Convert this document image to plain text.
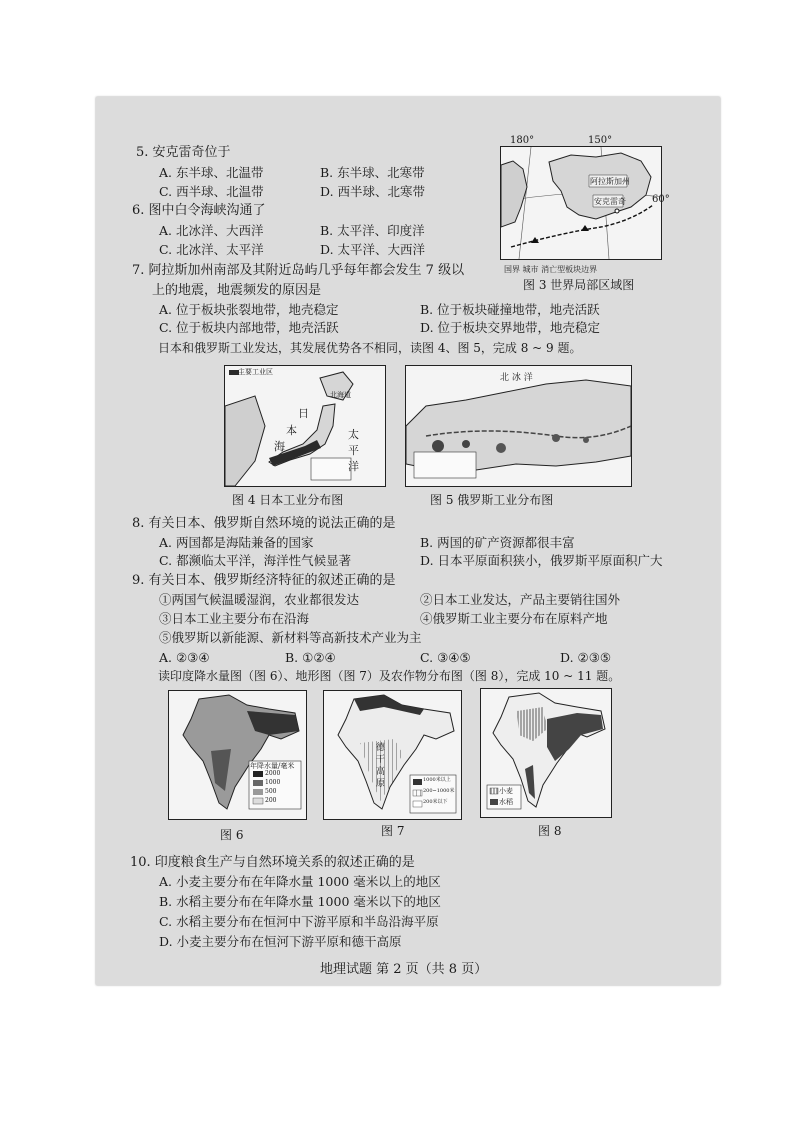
5. 安克雷奇位于
A. 东半球、北温带	B. 东半球、北寒带
C. 西半球、北温带	D. 西半球、北寒带
6. 图中白令海峡沟通了
A. 北冰洋、大西洋	B. 太平洋、印度洋
C. 北冰洋、太平洋	D. 太平洋、大西洋
7. 阿拉斯加州南部及其附近岛屿几乎每年都会发生 7 级以
上的地震，地震频发的原因是
A. 位于板块张裂地带，地壳稳定	B. 位于板块碰撞地带，地壳活跃
C. 位于板块内部地带，地壳活跃	D. 位于板块交界地带，地壳稳定
180°	150°
60°
阿拉斯加州
安克雷奇
国界 城市 消亡型板块边界
图 3 世界局部区域图
日本和俄罗斯工业发达，其发展优势各不相同，读图 4、图 5，完成 8 ~ 9 题。
主要工业区
北海道
日
本
海
太
平
洋
图 4 日本工业分布图
北 冰 洋
图 5 俄罗斯工业分布图
8. 有关日本、俄罗斯自然环境的说法正确的是
A. 两国都是海陆兼备的国家	B. 两国的矿产资源都很丰富
C. 都濒临太平洋，海洋性气候显著	D. 日本平原面积狭小，俄罗斯平原面积广大
9. 有关日本、俄罗斯经济特征的叙述正确的是
①两国气候温暖湿润，农业都很发达	②日本工业发达，产品主要销往国外
③日本工业主要分布在沿海	④俄罗斯工业主要分布在原料产地
⑤俄罗斯以新能源、新材料等高新技术产业为主
A. ②③④	B. ①②④	C. ③④⑤	D. ②③⑤
读印度降水量图（图 6）、地形图（图 7）及农作物分布图（图 8），完成 10 ~ 11 题。
年降水量/毫米
2000
1000
500
200
图 6
德
干
高
原	1000米以上
200~1000米
200米以下
图 7
小麦
水稻
图 8
10. 印度粮食生产与自然环境关系的叙述正确的是
A. 小麦主要分布在年降水量 1000 毫米以上的地区
B. 水稻主要分布在年降水量 1000 毫米以下的地区
C. 水稻主要分布在恒河中下游平原和半岛沿海平原
D. 小麦主要分布在恒河下游平原和德干高原
地理试题 第 2 页（共 8 页）
